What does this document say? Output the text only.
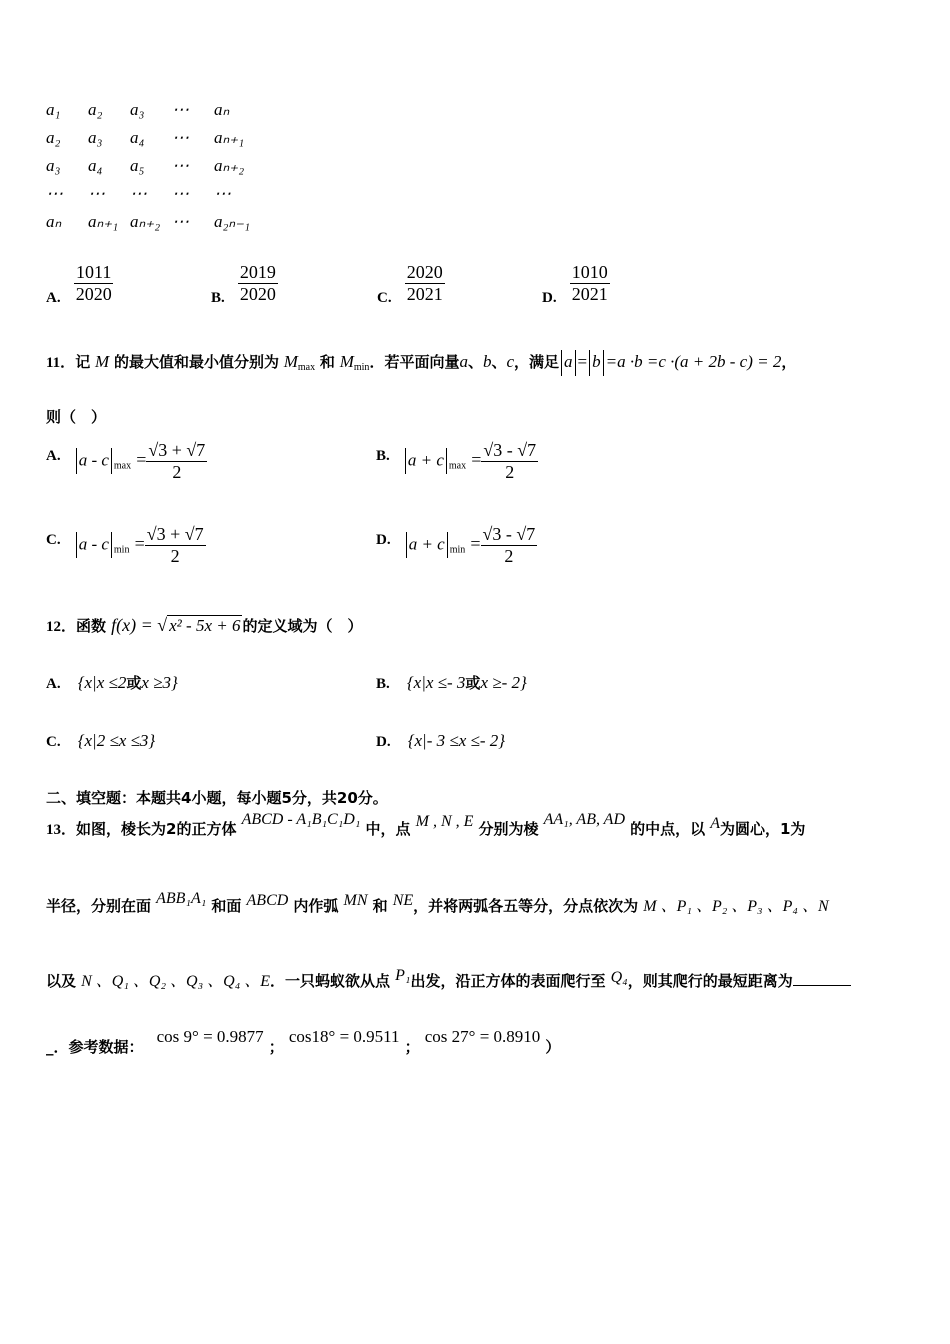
a₁	a₂	a₃	⋯	aₙ
a₂	a₃	a₄	⋯	aₙ₊₁
a₃	a₄	a₅	⋯	aₙ₊₂
⋯	⋯	⋯	⋯	⋯
aₙ	aₙ₊₁	aₙ₊₂	⋯	a₂ₙ₋₁
A. $\frac{1011}{2020}$	B. $\frac{2019}{2020}$	C. $\frac{2020}{2021}$	D. $\frac{1010}{2021}$
11．记 M 的最大值和最小值分别为 $M_{max}$ 和 $M_{min}$．若平面向量a、b、c，满足 a = b =a ·b =c ·(a + 2b - c) = 2，
则（　）
A. a - c $_{max} = \frac{√3 + √7}{2}$	B. a + c $_{max} = \frac{√3 - √7}{2}$
C. a - c $_{min} = \frac{√3 + √7}{2}$	D. a + c $_{min} = \frac{√3 - √7}{2}$
12．函数 f(x) = √ x² - 5x + 6 的定义域为（　）
A. {x|x ≤2或x ≥3}	B. {x|x ≤- 3或x ≥- 2}
C. {x|2 ≤x ≤3}	D. {x|- 3 ≤x ≤- 2}
二、填空题：本题共4小题，每小题5分，共20分。
13．如图，棱长为2的正方体 ABCD - A₁B₁C₁D₁ 中，点 M , N , E 分别为棱 AA₁, AB, AD 的中点，以 A为圆心，1为
半径，分别在面 ABB₁A₁ 和面 ABCD 内作弧 MN 和 NE，并将两弧各五等分，分点依次为 M 、P₁ 、P₂ 、P₃ 、P₄ 、N
以及 N 、Q₁ 、Q₂ 、Q₃ 、Q₄ 、E．一只蚂蚁欲从点 P₁出发，沿正方体的表面爬行至 Q₄，则其爬行的最短距离为
_．参考数据： cos 9° = 0.9877 ； cos18° = 0.9511 ； cos 27° = 0.8910 ）
